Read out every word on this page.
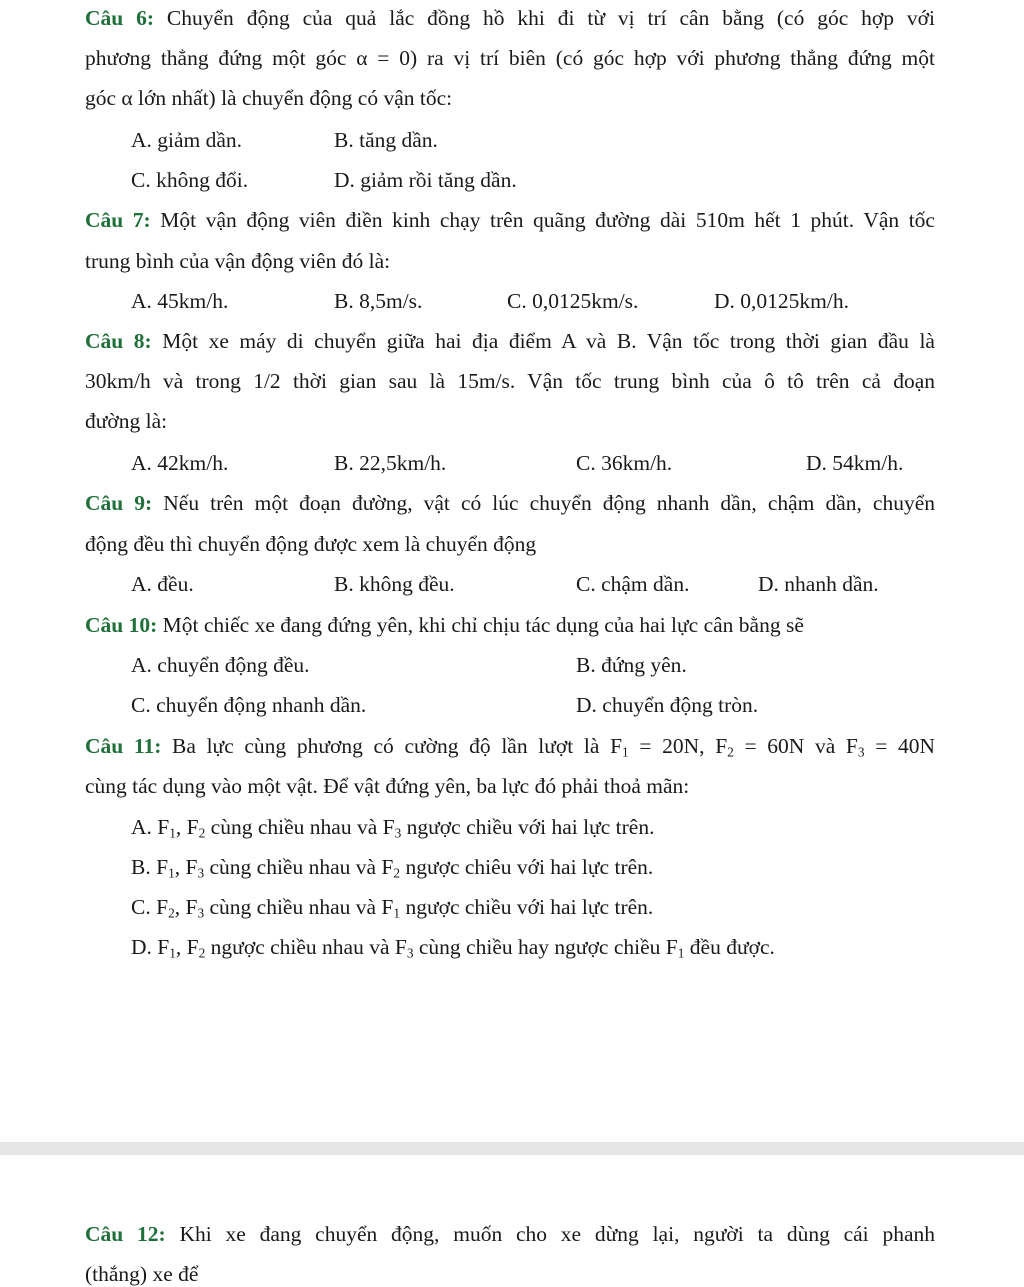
Câu 6: Chuyển động của quả lắc đồng hồ khi đi từ vị trí cân bằng (có góc hợp với
phương thẳng đứng một góc α = 0) ra vị trí biên (có góc hợp với phương thẳng đứng một
góc α lớn nhất) là chuyển động có vận tốc:
A. giảm dần.	B. tăng dần.
C. không đổi.	D. giảm rồi tăng dần.
Câu 7: Một vận động viên điền kinh chạy trên quãng đường dài 510m hết 1 phút. Vận tốc
trung bình của vận động viên đó là:
A. 45km/h.	B. 8,5m/s.	C. 0,0125km/s.	D. 0,0125km/h.
Câu 8: Một xe máy di chuyển giữa hai địa điểm A và B. Vận tốc trong thời gian đầu là
30km/h và trong 1/2 thời gian sau là 15m/s. Vận tốc trung bình của ô tô trên cả đoạn
đường là:
A. 42km/h.	B. 22,5km/h.	C. 36km/h.	D. 54km/h.
Câu 9: Nếu trên một đoạn đường, vật có lúc chuyển động nhanh dần, chậm dần, chuyển
động đều thì chuyển động được xem là chuyển động
A. đều.	B. không đều.	C. chậm dần.	D. nhanh dần.
Câu 10: Một chiếc xe đang đứng yên, khi chỉ chịu tác dụng của hai lực cân bằng sẽ
A. chuyển động đều.	B. đứng yên.
C. chuyển động nhanh dần.	D. chuyển động tròn.
Câu 11: Ba lực cùng phương có cường độ lần lượt là $F_1 = 20N$, $F_2 = 60N$ và $F_3 = 40N$
cùng tác dụng vào một vật. Để vật đứng yên, ba lực đó phải thoả mãn:
A. $F_1$, $F_2$ cùng chiều nhau và $F_3$ ngược chiều với hai lực trên.
B. $F_1$, $F_3$ cùng chiều nhau và $F_2$ ngược chiêu với hai lực trên.
C. $F_2$, $F_3$ cùng chiều nhau và $F_1$ ngược chiều với hai lực trên.
D. $F_1$, $F_2$ ngược chiều nhau và $F_3$ cùng chiều hay ngược chiều $F_1$ đều được.
Câu 12: Khi xe đang chuyển động, muốn cho xe dừng lại, người ta dùng cái phanh
(thắng) xe để
